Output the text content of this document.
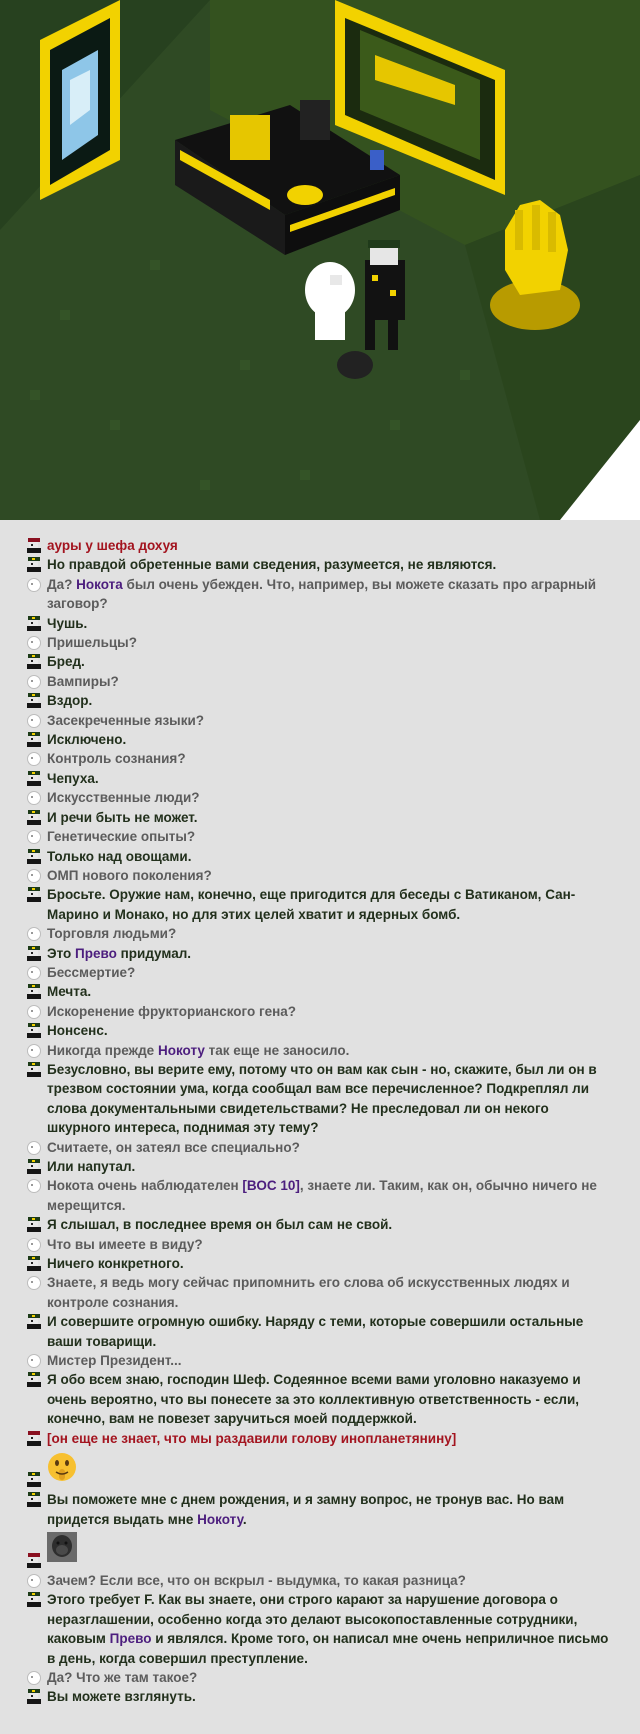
ауры у шефа дохуя
Но правдой обретенные вами сведения, разумеется, не являются.
Да? Нокота был очень убежден. Что, например, вы можете сказать про аграрный заговор?
Чушь.
Пришельцы?
Бред.
Вампиры?
Вздор.
Засекреченные языки?
Исключено.
Контроль сознания?
Чепуха.
Искусственные люди?
И речи быть не может.
Генетические опыты?
Только над овощами.
ОМП нового поколения?
Бросьте. Оружие нам, конечно, еще пригодится для беседы с Ватиканом, Сан-Марино и Монако, но для этих целей хватит и ядерных бомб.
Торговля людьми?
Это Прево придумал.
Бессмертие?
Мечта.
Искоренение фрукторианского гена?
Нонсенс.
Никогда прежде Нокоту так еще не заносило.
Безусловно, вы верите ему, потому что он вам как сын - но, скажите, был ли он в трезвом состоянии ума, когда сообщал вам все перечисленное? Подкреплял ли слова документальными свидетельствами? Не преследовал ли он некого шкурного интереса, поднимая эту тему?
Считаете, он затеял все специально?
Или напутал.
Нокота очень наблюдателен [ВОС 10], знаете ли. Таким, как он, обычно ничего не мерещится.
Я слышал, в последнее время он был сам не свой.
Что вы имеете в виду?
Ничего конкретного.
Знаете, я ведь могу сейчас припомнить его слова об искусственных людях и контроле сознания.
И совершите огромную ошибку. Наряду с теми, которые совершили остальные ваши товарищи.
Мистер Президент...
Я обо всем знаю, господин Шеф. Содеянное всеми вами уголовно наказуемо и очень вероятно, что вы понесете за это коллективную ответственность - если, конечно, вам не повезет заручиться моей поддержкой.
[он еще не знает, что мы раздавили голову инопланетянину]
Вы поможете мне с днем рождения, и я замну вопрос, не тронув вас. Но вам придется выдать мне Нокоту.
Зачем? Если все, что он вскрыл - выдумка, то какая разница?
Этого требует F. Как вы знаете, они строго карают за нарушение договора о неразглашении, особенно когда это делают высокопоставленные сотрудники, каковым Прево и являлся. Кроме того, он написал мне очень неприличное письмо в день, когда совершил преступление.
Да? Что же там такое?
Вы можете взглянуть.
